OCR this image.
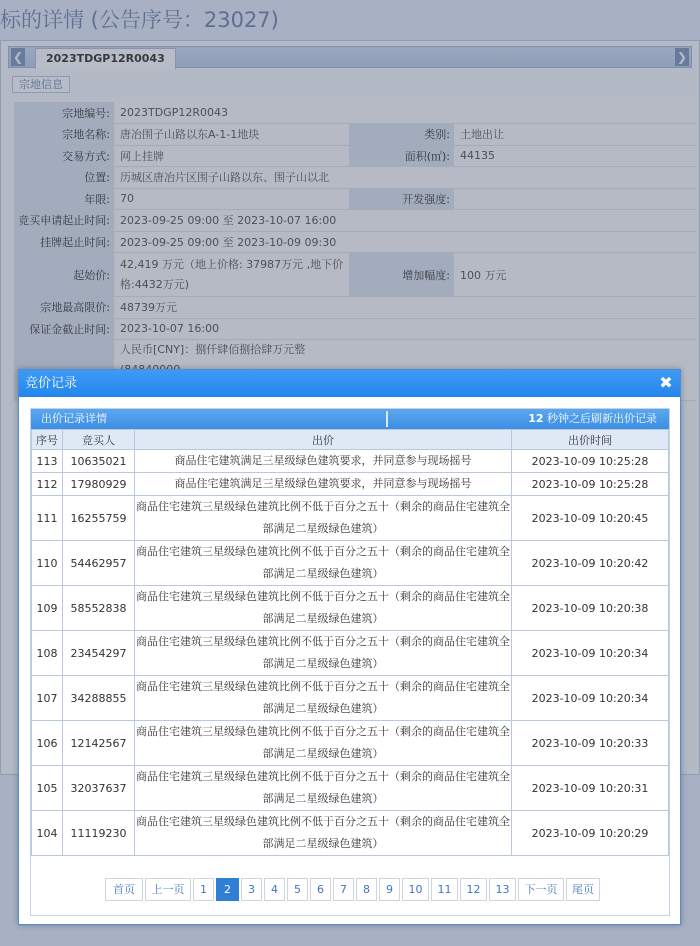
标的详情 (公告序号：23027)
❮	2023TDGP12R0043	❯
宗地信息
宗地编号:	2023TDGP12R0043		
宗地名称:	唐冶围子山路以东A-1-1地块	类别:	土地出让
交易方式:	网上挂牌	面积(㎡):	44135
位置:	历城区唐冶片区围子山路以东、围子山以北		
年限:	70	开发强度:	
竞买申请起止时间:	2023-09-25 09:00 至 2023-10-07 16:00		
挂牌起止时间:	2023-09-25 09:00 至 2023-10-09 09:30		
起始价:	42,419 万元（地上价格: 37987万元 ,地下价
格:4432万元)	增加幅度:	100 万元
宗地最高限价:	48739万元		
保证金截止时间:	2023-10-07 16:00		

	人民币[CNY]：捌仟肆佰捌拾肆万元整		

竞价记录	✖
出价记录详情	12 秒钟之后刷新出价记录
序号	竞买人	出价	出价时间
113	10635021	商品住宅建筑满足三星级绿色建筑要求，并同意参与现场摇号	2023-10-09 10:25:28
112	17980929	商品住宅建筑满足三星级绿色建筑要求，并同意参与现场摇号	2023-10-09 10:25:28
111	16255759	商品住宅建筑三星级绿色建筑比例不低于百分之五十（剩余的商品住宅建筑全部满足二星级绿色建筑）	2023-10-09 10:20:45
110	54462957	商品住宅建筑三星级绿色建筑比例不低于百分之五十（剩余的商品住宅建筑全部满足二星级绿色建筑）	2023-10-09 10:20:42
109	58552838	商品住宅建筑三星级绿色建筑比例不低于百分之五十（剩余的商品住宅建筑全部满足二星级绿色建筑）	2023-10-09 10:20:38
108	23454297	商品住宅建筑三星级绿色建筑比例不低于百分之五十（剩余的商品住宅建筑全部满足二星级绿色建筑）	2023-10-09 10:20:34
107	34288855	商品住宅建筑三星级绿色建筑比例不低于百分之五十（剩余的商品住宅建筑全部满足二星级绿色建筑）	2023-10-09 10:20:34
106	12142567	商品住宅建筑三星级绿色建筑比例不低于百分之五十（剩余的商品住宅建筑全部满足二星级绿色建筑）	2023-10-09 10:20:33
105	32037637	商品住宅建筑三星级绿色建筑比例不低于百分之五十（剩余的商品住宅建筑全部满足二星级绿色建筑）	2023-10-09 10:20:31
104	11119230	商品住宅建筑三星级绿色建筑比例不低于百分之五十（剩余的商品住宅建筑全部满足二星级绿色建筑）	2023-10-09 10:20:29
首页	上一页	1	2	3	4	5	6	7	8	9	10	11	12	13	下一页	尾页
